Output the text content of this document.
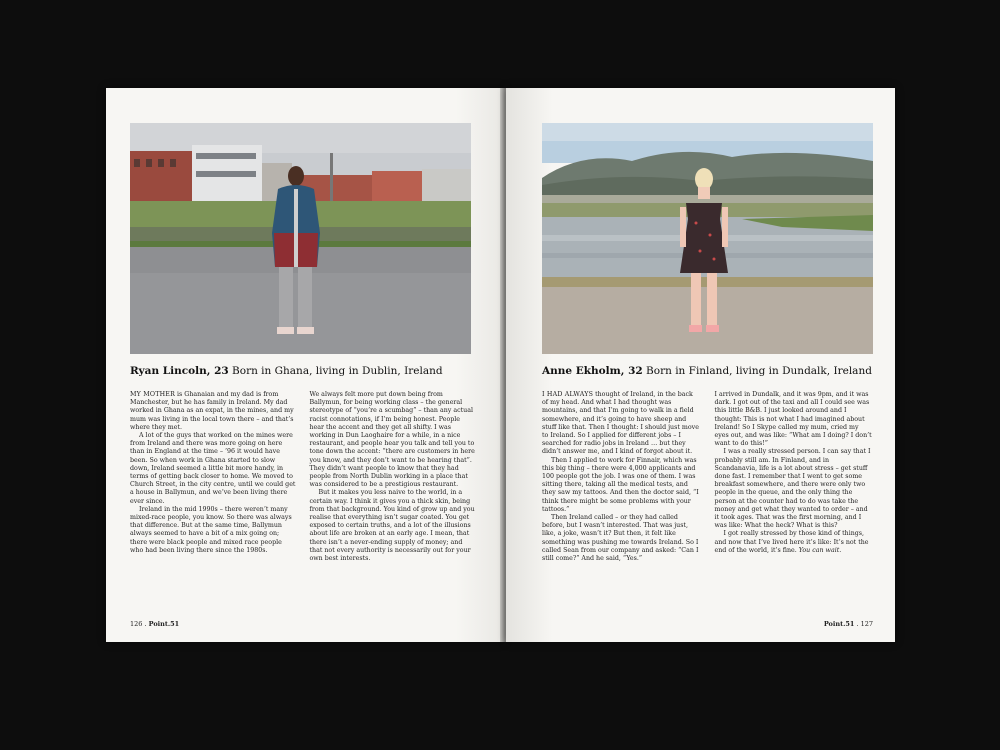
Ryan Lincoln, 23 Born in Ghana, living in Dublin, Ireland

MY MOTHER is Ghanaian and my dad is from Manchester, but he has family in Ireland. My dad worked in Ghana as an expat, in the mines, and my mum was living in the local town there – and that’s where they met.

A lot of the guys that worked on the mines were from Ireland and there was more going on here than in England at the time – ’96 it would have been. So when work in Ghana started to slow down, Ireland seemed a little bit more handy, in terms of getting back closer to home. We moved to Church Street, in the city centre, until we could get a house in Ballymun, and we’ve been living there ever since.

Ireland in the mid 1990s – there weren’t many mixed-race people, you know. So there was always that difference. But at the same time, Ballymun always seemed to have a bit of a mix going on; there were black people and mixed race people who had been living there since the 1980s.

We always felt more put down being from Ballymun, for being working class – the general stereotype of “you’re a scumbag” – than any actual racist connotations, if I’m being honest. People hear the accent and they get all shifty. I was working in Dun Laoghaire for a while, in a nice restaurant, and people hear you talk and tell you to tone down the accent: “there are customers in here you know, and they don’t want to be hearing that”. They didn’t want people to know that they had people from North Dublin working in a place that was considered to be a prestigious restaurant.

But it makes you less naive to the world, in a certain way. I think it gives you a thick skin, being from that background. You kind of grow up and you realise that everything isn’t sugar coated. You get exposed to certain truths, and a lot of the illusions about life are broken at an early age. I mean, that there isn’t a never-ending supply of money; and that not every authority is necessarily out for your own best interests.

126 . Point.51
Anne Ekholm, 32 Born in Finland, living in Dundalk, Ireland

I HAD ALWAYS thought of Ireland, in the back of my head. And what I had thought was mountains, and that I’m going to walk in a field somewhere, and it’s going to have sheep and stuff like that. Then I thought: I should just move to Ireland. So I applied for different jobs – I searched for radio jobs in Ireland … but they didn’t answer me, and I kind of forgot about it.

Then I applied to work for Finnair, which was this big thing – there were 4,000 applicants and 100 people got the job. I was one of them. I was sitting there, taking all the medical tests, and they saw my tattoos. And then the doctor said, “I think there might be some problems with your tattoos.”

Then Ireland called – or they had called before, but I wasn’t interested. That was just, like, a joke, wasn’t it? But then, it felt like something was pushing me towards Ireland. So I called Sean from our company and asked: “Can I still come?” And he said, “Yes.”

I arrived in Dundalk, and it was 9pm, and it was dark. I got out of the taxi and all I could see was this little B&B. I just looked around and I thought: This is not what I had imagined about Ireland! So I Skype called my mum, cried my eyes out, and was like: “What am I doing? I don’t want to do this!”

I was a really stressed person. I can say that I probably still am. In Finland, and in Scandanavia, life is a lot about stress – get stuff done fast. I remember that I went to get some breakfast somewhere, and there were only two people in the queue, and the only thing the person at the counter had to do was take the money and get what they wanted to order – and it took ages. That was the first morning, and I was like: What the heck? What is this?

I got really stressed by those kind of things, and now that I’ve lived here it’s like: It’s not the end of the world, it’s fine. You can wait.

Point.51 . 127
